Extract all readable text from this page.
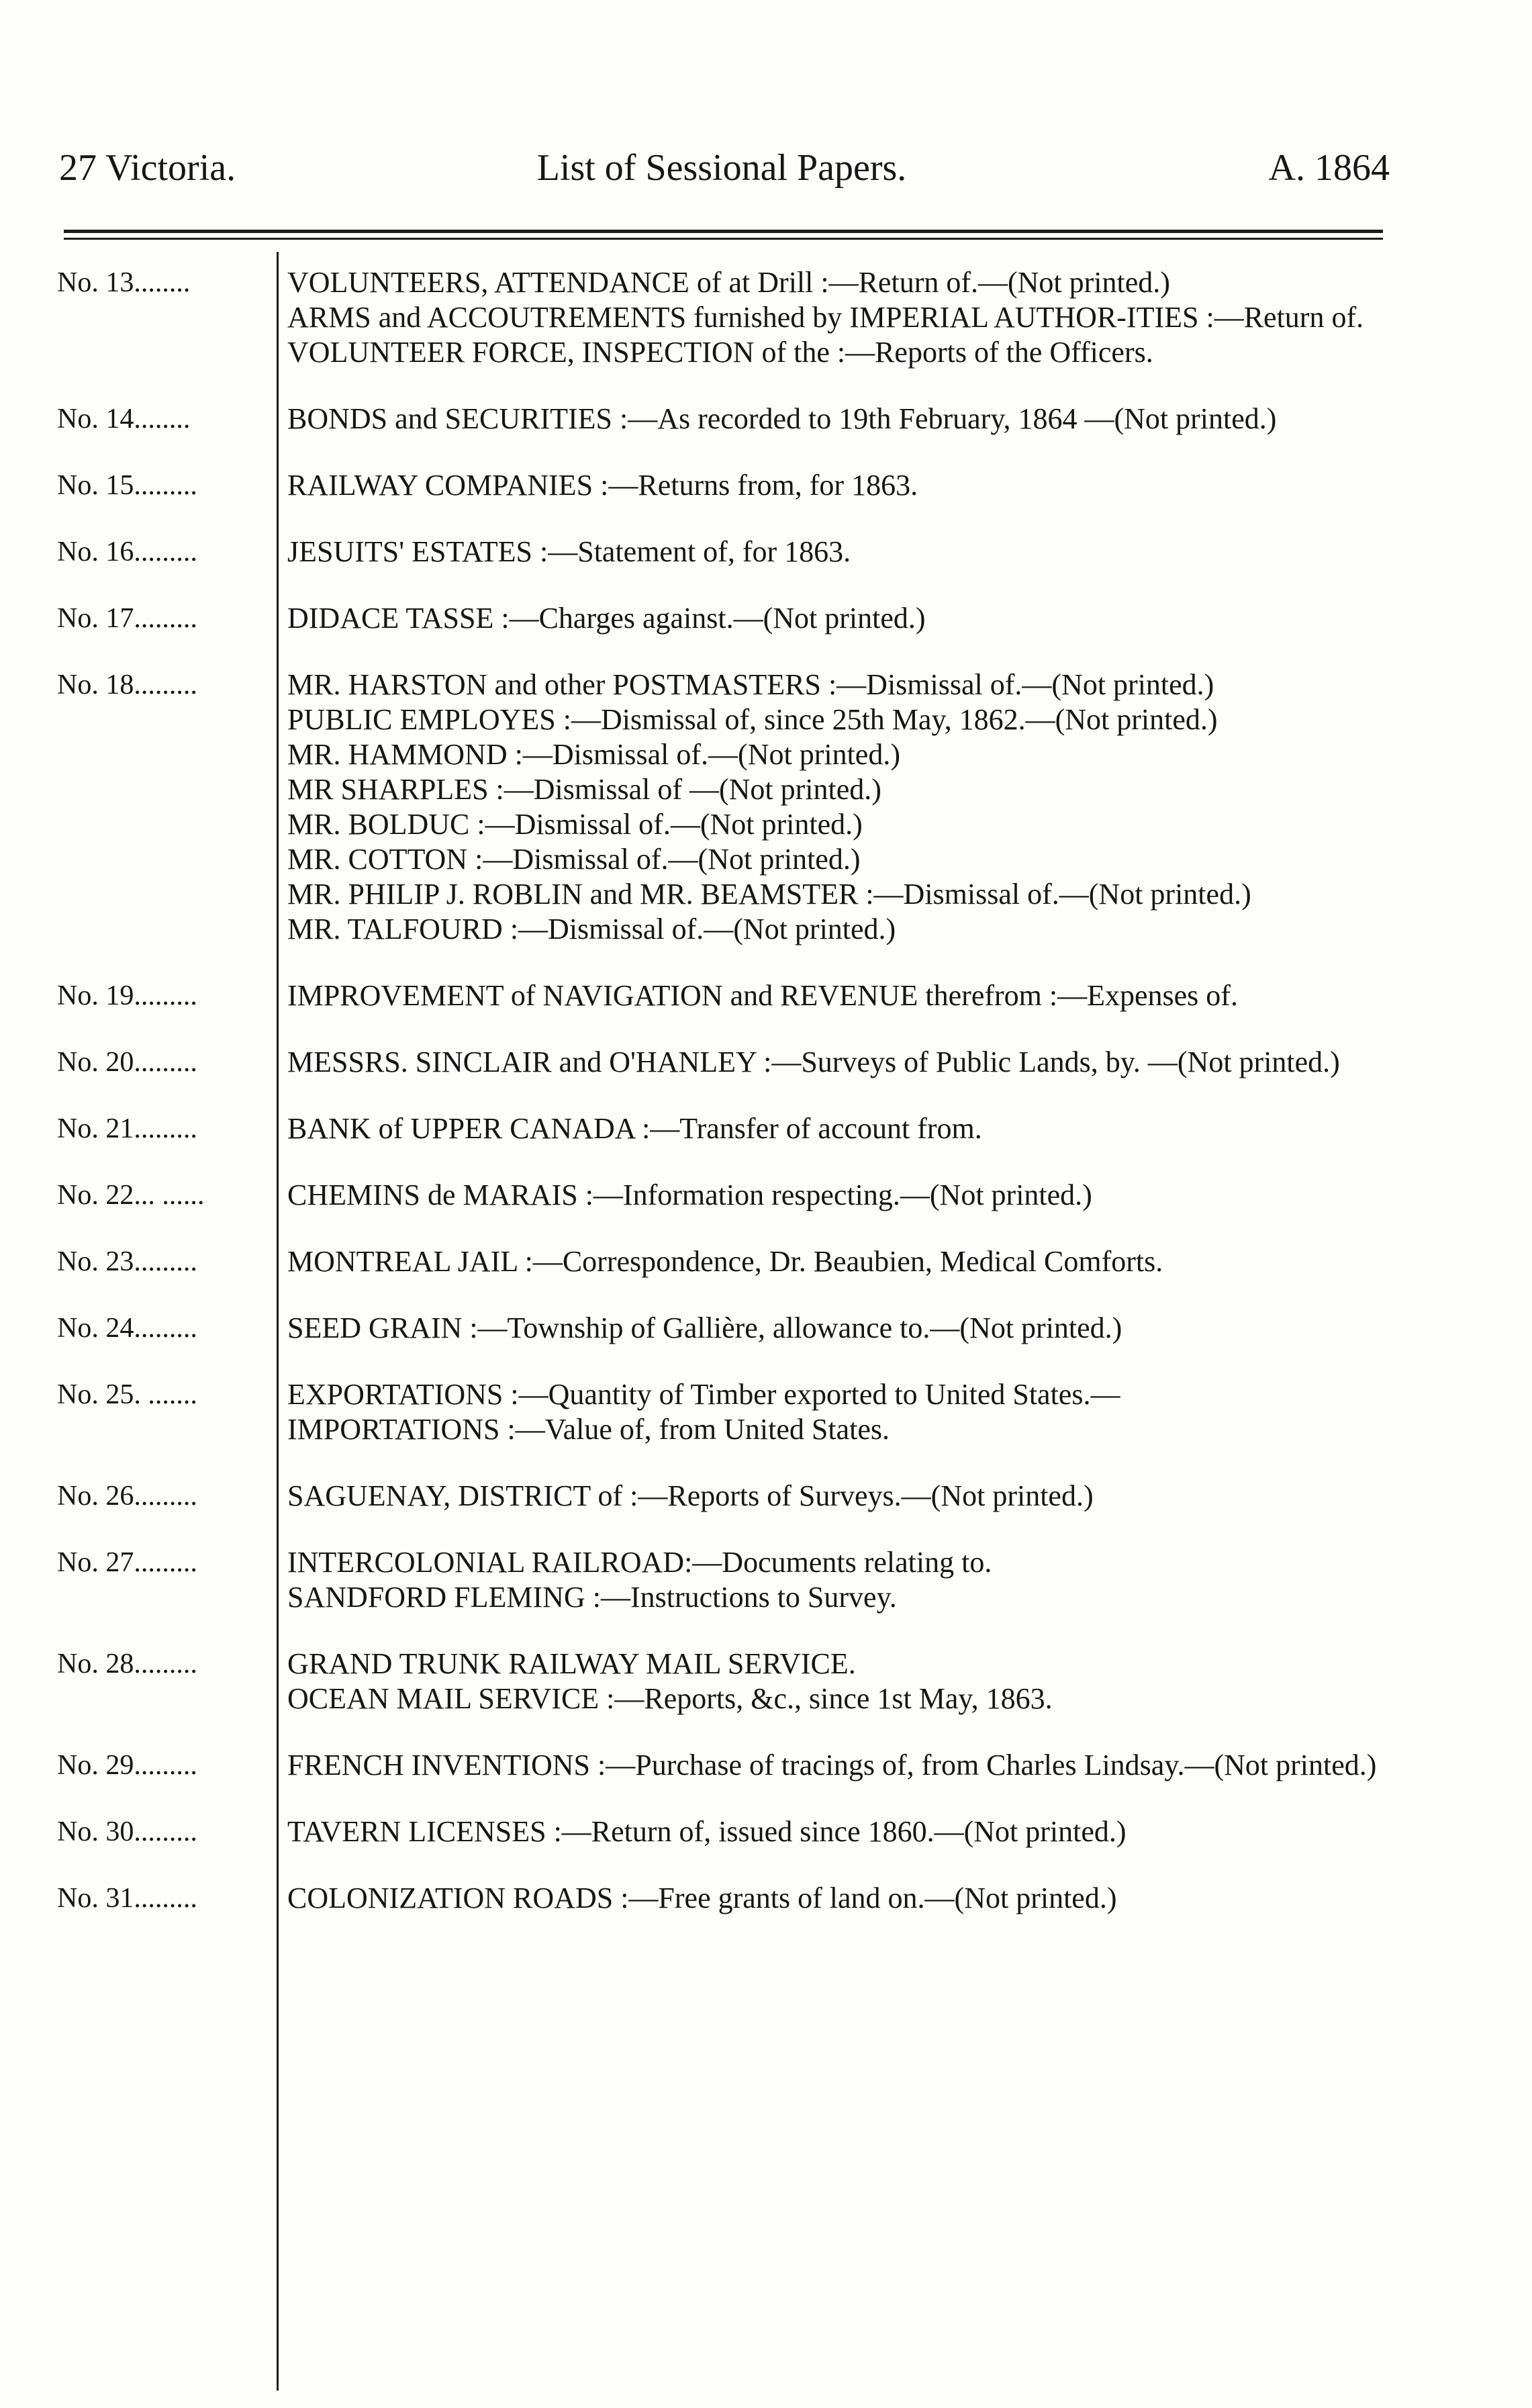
27 Victoria.	List of Sessional Papers.	A. 1864
No. 13........	VOLUNTEERS, ATTENDANCE of at Drill :—Return of.—(Not printed.)
ARMS and ACCOUTREMENTS furnished by IMPERIAL AUTHOR-ITIES :—Return of.
VOLUNTEER FORCE, INSPECTION of the :—Reports of the Officers.
No. 14........	BONDS and SECURITIES :—As recorded to 19th February, 1864 —(Not printed.)
No. 15.........	RAILWAY COMPANIES :—Returns from, for 1863.
No. 16.........	JESUITS' ESTATES :—Statement of, for 1863.
No. 17.........	DIDACE TASSE :—Charges against.—(Not printed.)
No. 18.........	MR. HARSTON and other POSTMASTERS :—Dismissal of.—(Not printed.)
PUBLIC EMPLOYES :—Dismissal of, since 25th May, 1862.—(Not printed.)
MR. HAMMOND :—Dismissal of.—(Not printed.)
MR SHARPLES :—Dismissal of —(Not printed.)
MR. BOLDUC :—Dismissal of.—(Not printed.)
MR. COTTON :—Dismissal of.—(Not printed.)
MR. PHILIP J. ROBLIN and MR. BEAMSTER :—Dismissal of.—(Not printed.)
MR. TALFOURD :—Dismissal of.—(Not printed.)
No. 19.........	IMPROVEMENT of NAVIGATION and REVENUE therefrom :—Expenses of.
No. 20.........	MESSRS. SINCLAIR and O'HANLEY :—Surveys of Public Lands, by. —(Not printed.)
No. 21.........	BANK of UPPER CANADA :—Transfer of account from.
No. 22... ......	CHEMINS de MARAIS :—Information respecting.—(Not printed.)
No. 23.........	MONTREAL JAIL :—Correspondence, Dr. Beaubien, Medical Comforts.
No. 24.........	SEED GRAIN :—Township of Gallière, allowance to.—(Not printed.)
No. 25. .......	EXPORTATIONS :—Quantity of Timber exported to United States.—
IMPORTATIONS :—Value of, from United States.
No. 26.........	SAGUENAY, DISTRICT of :—Reports of Surveys.—(Not printed.)
No. 27.........	INTERCOLONIAL RAILROAD:—Documents relating to.
SANDFORD FLEMING :—Instructions to Survey.
No. 28.........	GRAND TRUNK RAILWAY MAIL SERVICE.
OCEAN MAIL SERVICE :—Reports, &c., since 1st May, 1863.
No. 29.........	FRENCH INVENTIONS :—Purchase of tracings of, from Charles Lindsay.—(Not printed.)
No. 30.........	TAVERN LICENSES :—Return of, issued since 1860.—(Not printed.)
No. 31.........	COLONIZATION ROADS :—Free grants of land on.—(Not printed.)
